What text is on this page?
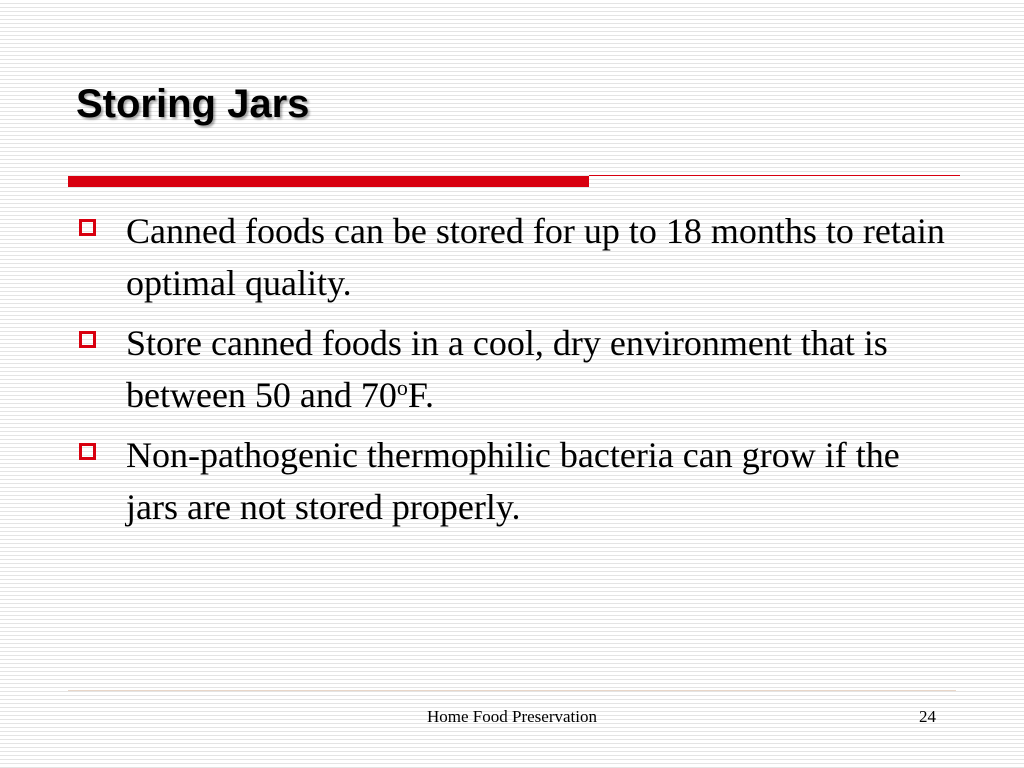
Storing Jars
Canned foods can be stored for up to 18 months to retain optimal quality.
Store canned foods in a cool, dry environment that is between 50 and 70$^o$F.
Non-pathogenic thermophilic bacteria can grow if the jars are not stored properly.
Home Food Preservation	24
